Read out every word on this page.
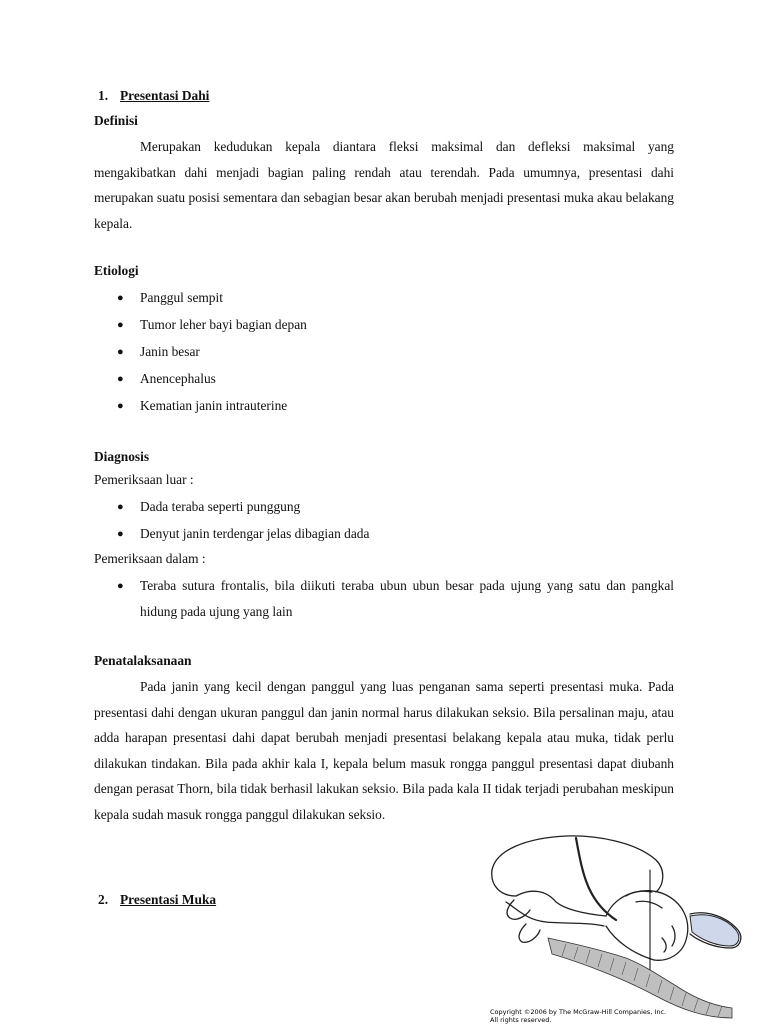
1. Presentasi Dahi
Definisi
Merupakan kedudukan kepala diantara fleksi maksimal dan defleksi maksimal yang mengakibatkan dahi menjadi bagian paling rendah atau terendah. Pada umumnya, presentasi dahi merupakan suatu posisi sementara dan sebagian besar akan berubah menjadi presentasi muka akau belakang kepala.
Etiologi
● Panggul sempit
● Tumor leher bayi bagian depan
● Janin besar
● Anencephalus
● Kematian janin intrauterine
Diagnosis
Pemeriksaan luar :
● Dada teraba seperti punggung
● Denyut janin terdengar jelas dibagian dada
Pemeriksaan dalam :
● Teraba sutura frontalis, bila diikuti teraba ubun ubun besar pada ujung yang satu dan pangkal hidung pada ujung yang lain
Penatalaksanaan
Pada janin yang kecil dengan panggul yang luas penganan sama seperti presentasi muka. Pada presentasi dahi dengan ukuran panggul dan janin normal harus dilakukan seksio. Bila persalinan maju, atau adda harapan presentasi dahi dapat berubah menjadi presentasi belakang kepala atau muka, tidak perlu dilakukan tindakan. Bila pada akhir kala I, kepala belum masuk rongga panggul presentasi dapat diubanh dengan perasat Thorn, bila tidak berhasil lakukan seksio. Bila pada kala II tidak terjadi perubahan meskipun kepala sudah masuk rongga panggul dilakukan seksio.
2. Presentasi Muka
Copyright ©2006 by The McGraw-Hill Companies, Inc.
All rights reserved.
